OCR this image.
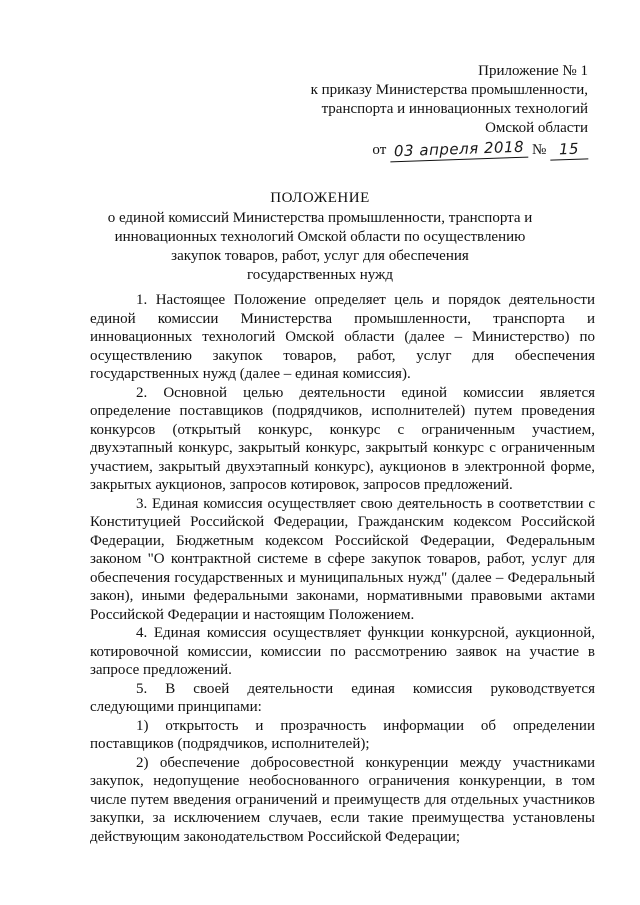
Приложение № 1
к приказу Министерства промышленности,
транспорта и инновационных технологий
Омской области
от 03 апреля 2018 № 15
ПОЛОЖЕНИЕ
о единой комиссий Министерства промышленности, транспорта и
инновационных технологий Омской области по осуществлению
закупок товаров, работ, услуг для обеспечения
государственных нужд

1. Настоящее Положение определяет цель и порядок деятельности единой комиссии Министерства промышленности, транспорта и инновационных технологий Омской области (далее – Министерство) по осуществлению закупок товаров, работ, услуг для обеспечения государственных нужд (далее – единая комиссия).

2. Основной целью деятельности единой комиссии является определение поставщиков (подрядчиков, исполнителей) путем проведения конкурсов (открытый конкурс, конкурс с ограниченным участием, двухэтапный конкурс, закрытый конкурс, закрытый конкурс с ограниченным участием, закрытый двухэтапный конкурс), аукционов в электронной форме, закрытых аукционов, запросов котировок, запросов предложений.

3. Единая комиссия осуществляет свою деятельность в соответствии с Конституцией Российской Федерации, Гражданским кодексом Российской Федерации, Бюджетным кодексом Российской Федерации, Федеральным законом "О контрактной системе в сфере закупок товаров, работ, услуг для обеспечения государственных и муниципальных нужд" (далее – Федеральный закон), иными федеральными законами, нормативными правовыми актами Российской Федерации и настоящим Положением.

4. Единая комиссия осуществляет функции конкурсной, аукционной, котировочной комиссии, комиссии по рассмотрению заявок на участие в запросе предложений.

5. В своей деятельности единая комиссия руководствуется следующими принципами:

1) открытость и прозрачность информации об определении поставщиков (подрядчиков, исполнителей);

2) обеспечение добросовестной конкуренции между участниками закупок, недопущение необоснованного ограничения конкуренции, в том числе путем введения ограничений и преимуществ для отдельных участников закупки, за исключением случаев, если такие преимущества установлены действующим законодательством Российской Федерации;
